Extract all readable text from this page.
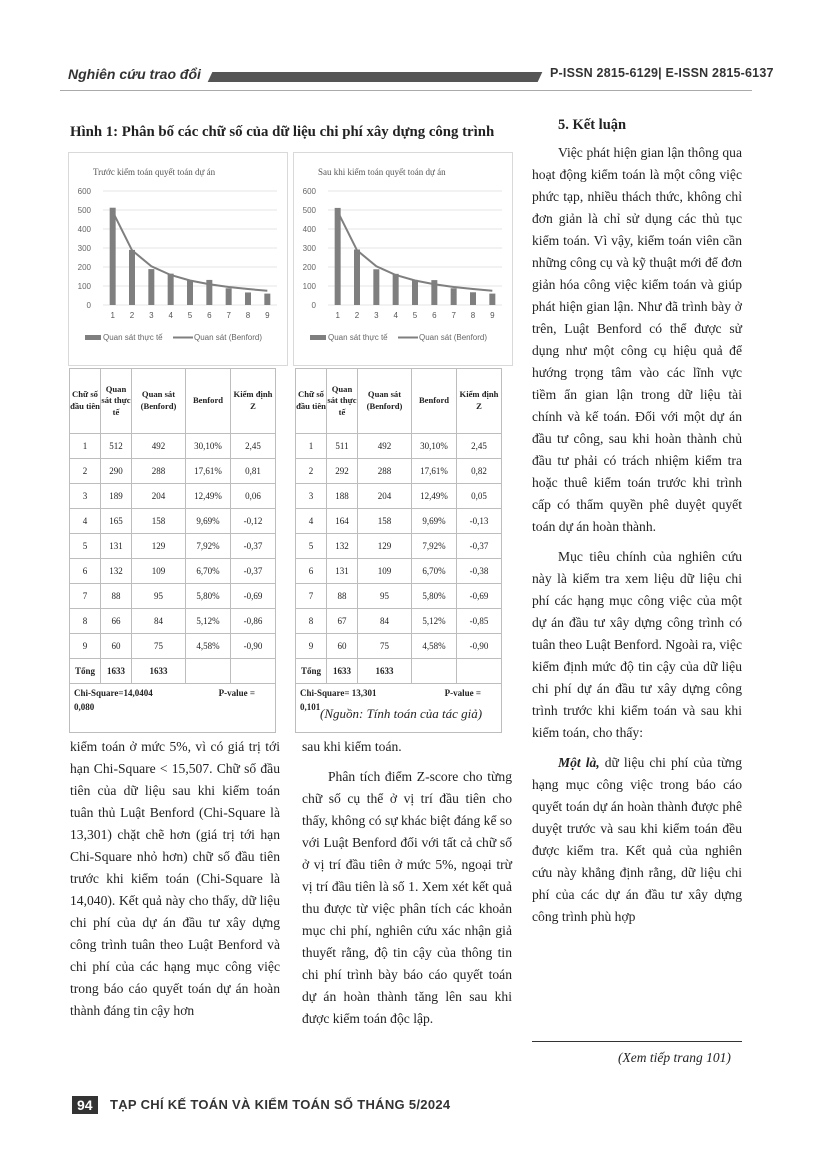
Nghiên cứu trao đổi	P-ISSN 2815-6129| E-ISSN 2815-6137
Hình 1: Phân bố các chữ số của dữ liệu chi phí xây dựng công trình
Trước kiểm toán quyết toán dự án
0
100
200
300
400
500
600
1 2 3 4 5 6 7 8 9
Quan sát thực tế	Quan sát (Benford)
Sau khi kiểm toán quyết toán dự án
0
100
200
300
400
500
600
1 2 3 4 5 6 7 8 9
Quan sát thực tế	Quan sát (Benford)
Chữ số đầu tiên	Quan sát thực tế	Quan sát (Benford)	Benford	Kiểm định Z
1	512	492	30,10%	2,45
2	290	288	17,61%	0,81
3	189	204	12,49%	0,06
4	165	158	9,69%	-0,12
5	131	129	7,92%	-0,37
6	132	109	6,70%	-0,37
7	88	95	5,80%	-0,69
8	66	84	5,12%	-0,86
9	60	75	4,58%	-0,90
Tổng	1633	1633		
Chi-Square=14,0404 P-value =

0,080				
Chữ số đầu tiên	Quan sát thực tế	Quan sát (Benford)	Benford	Kiểm định Z
1	511	492	30,10%	2,45
2	292	288	17,61%	0,82
3	188	204	12,49%	0,05
4	164	158	9,69%	-0,13
5	132	129	7,92%	-0,37
6	131	109	6,70%	-0,38
7	88	95	5,80%	-0,69
8	67	84	5,12%	-0,85
9	60	75	4,58%	-0,90
Tổng	1633	1633		
Chi-Square= 13,301 P-value =

0,101				(Nguồn: Tính toán của tác giả)

kiểm toán ở mức 5%, vì có giá trị tới hạn Chi-Square < 15,507. Chữ số đầu tiên của dữ liệu sau khi kiểm toán tuân thủ Luật Benford (Chi-Square là 13,301) chặt chẽ hơn (giá trị tới hạn Chi-Square nhỏ hơn) chữ số đầu tiên trước khi kiểm toán (Chi-Square là 14,040). Kết quả này cho thấy, dữ liệu chi phí của dự án đầu tư xây dựng công trình tuân theo Luật Benford và chi phí của các hạng mục công việc trong báo cáo quyết toán dự án hoàn thành đáng tin cậy hơn

sau khi kiểm toán.

Phân tích điểm Z-score cho từng chữ số cụ thể ở vị trí đầu tiên cho thấy, không có sự khác biệt đáng kể so với Luật Benford đối với tất cả chữ số ở vị trí đầu tiên ở mức 5%, ngoại trừ vị trí đầu tiên là số 1. Xem xét kết quả thu được từ việc phân tích các khoản mục chi phí, nghiên cứu xác nhận giả thuyết rằng, độ tin cậy của thông tin chi phí trình bày báo cáo quyết toán dự án hoàn thành tăng lên sau khi được kiểm toán độc lập.

5. Kết luận

Việc phát hiện gian lận thông qua hoạt động kiểm toán là một công việc phức tạp, nhiều thách thức, không chỉ đơn giản là chỉ sử dụng các thủ tục kiểm toán. Vì vậy, kiểm toán viên cần những công cụ và kỹ thuật mới để đơn giản hóa công việc kiểm toán và giúp phát hiện gian lận. Như đã trình bày ở trên, Luật Benford có thể được sử dụng như một công cụ hiệu quả để hướng trọng tâm vào các lĩnh vực tiềm ẩn gian lận trong dữ liệu tài chính và kế toán. Đối với một dự án đầu tư công, sau khi hoàn thành chủ đầu tư phải có trách nhiệm kiểm tra hoặc thuê kiểm toán trước khi trình cấp có thẩm quyền phê duyệt quyết toán dự án hoàn thành.

Mục tiêu chính của nghiên cứu này là kiểm tra xem liệu dữ liệu chi phí các hạng mục công việc của một dự án đầu tư xây dựng công trình có tuân theo Luật Benford. Ngoài ra, việc kiểm định mức độ tin cậy của dữ liệu chi phí dự án đầu tư xây dựng công trình trước khi kiểm toán và sau khi kiểm toán, cho thấy:

Một là, dữ liệu chi phí của từng hạng mục công việc trong báo cáo quyết toán dự án hoàn thành được phê duyệt trước và sau khi kiểm toán đều được kiểm tra. Kết quả của nghiên cứu này khẳng định rằng, dữ liệu chi phí của các dự án đầu tư xây dựng công trình phù hợp

(Xem tiếp trang 101)
94	TẠP CHÍ KẾ TOÁN VÀ KIỂM TOÁN SỐ THÁNG 5/2024
